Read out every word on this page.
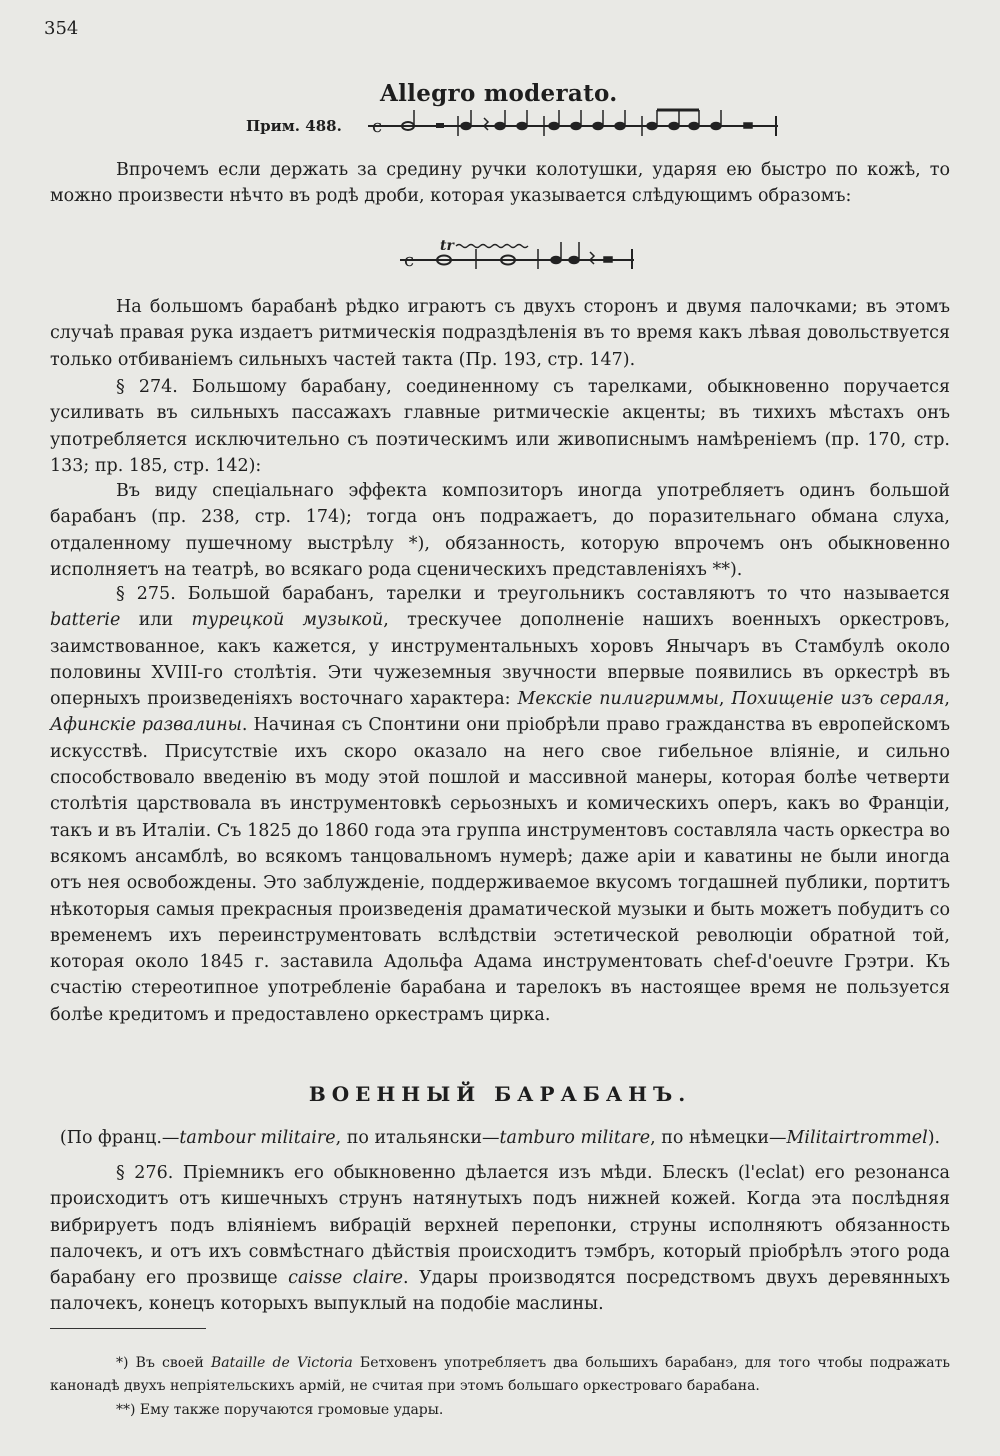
354
Allegro moderato.
Прим. 488. c
Впрочемъ если держать за средину ручки колотушки, ударяя ею быстро по кожѣ, то можно произвести нѣчто въ родѣ дроби, которая указывается слѣдующимъ образомъ:
c
tr
На большомъ барабанѣ рѣдко играютъ съ двухъ сторонъ и двумя палочками; въ этомъ случаѣ правая рука издаетъ ритмическія подраздѣленія въ то время какъ лѣвая довольствуется только отбиваніемъ сильныхъ частей такта (Пр. 193, стр. 147).
§ 274. Большому барабану, соединенному съ тарелками, обыкновенно поручается усиливать въ сильныхъ пассажахъ главные ритмическіе акценты; въ тихихъ мѣстахъ онъ употребляется исключительно съ поэтическимъ или живописнымъ намѣреніемъ (пр. 170, стр. 133; пр. 185, стр. 142):
Въ виду спеціальнаго эффекта композиторъ иногда употребляетъ одинъ большой барабанъ (пр. 238, стр. 174); тогда онъ подражаетъ, до поразительнаго обмана слуха, отдаленному пушечному выстрѣлу *), обязанность, которую впрочемъ онъ обыкновенно исполняетъ на театрѣ, во всякаго рода сценическихъ представленіяхъ **).
§ 275. Большой барабанъ, тарелки и треугольникъ составляютъ то что называется batterie или турецкой музыкой, трескучее дополненіе нашихъ военныхъ оркестровъ, заимствованное, какъ кажется, у инструментальныхъ хоровъ Янычаръ въ Стамбулѣ около половины XVIII-го столѣтія. Эти чужеземныя звучности впервые появились въ оркестрѣ въ оперныхъ произведеніяхъ восточнаго характера: Мекскіе пилигриммы, Похищеніе изъ сераля, Афинскіе развалины. Начиная съ Спонтини они пріобрѣли право гражданства въ европейскомъ искусствѣ. Присутствіе ихъ скоро оказало на него свое гибельное вліяніе, и сильно способствовало введенію въ моду этой пошлой и массивной манеры, которая болѣе четверти столѣтія царствовала въ инструментовкѣ серьозныхъ и комическихъ оперъ, какъ во Франціи, такъ и въ Италіи. Съ 1825 до 1860 года эта группа инструментовъ составляла часть оркестра во всякомъ ансамблѣ, во всякомъ танцовальномъ нумерѣ; даже аріи и каватины не были иногда отъ нея освобождены. Это заблужденіе, поддерживаемое вкусомъ тогдашней публики, портитъ нѣкоторыя самыя прекрасныя произведенія драматической музыки и быть можетъ побудитъ со временемъ ихъ переинструментовать вслѣдствіи эстетической революціи обратной той, которая около 1845 г. заставила Адольфа Адама инструментовать chef-d'oeuvre Грэтри. Къ счастію стереотипное употребленіе барабана и тарелокъ въ настоящее время не пользуется болѣе кредитомъ и предоставлено оркестрамъ цирка.
ВОЕННЫЙ БАРАБАНЪ.
(По франц.—tambour militaire, по итальянски—tamburo militare, по нѣмецки—Militairtrommel).
§ 276. Пріемникъ его обыкновенно дѣлается изъ мѣди. Блескъ (l'eclat) его резонанса происходитъ отъ кишечныхъ струнъ натянутыхъ подъ нижней кожей. Когда эта послѣдняя вибрируетъ подъ вліяніемъ вибрацій верхней перепонки, струны исполняютъ обязанность палочекъ, и отъ ихъ совмѣстнаго дѣйствія происходитъ тэмбръ, который пріобрѣлъ этого рода барабану его прозвище caisse claire. Удары производятся посредствомъ двухъ деревянныхъ палочекъ, конецъ которыхъ выпуклый на подобіе маслины.
*) Въ своей Bataille de Victoria Бетховенъ употребляетъ два большихъ барабанэ, для того чтобы подражать канонадѣ двухъ непріятельскихъ армій, не считая при этомъ большаго оркестроваго барабана.
**) Ему также поручаются громовые удары.
